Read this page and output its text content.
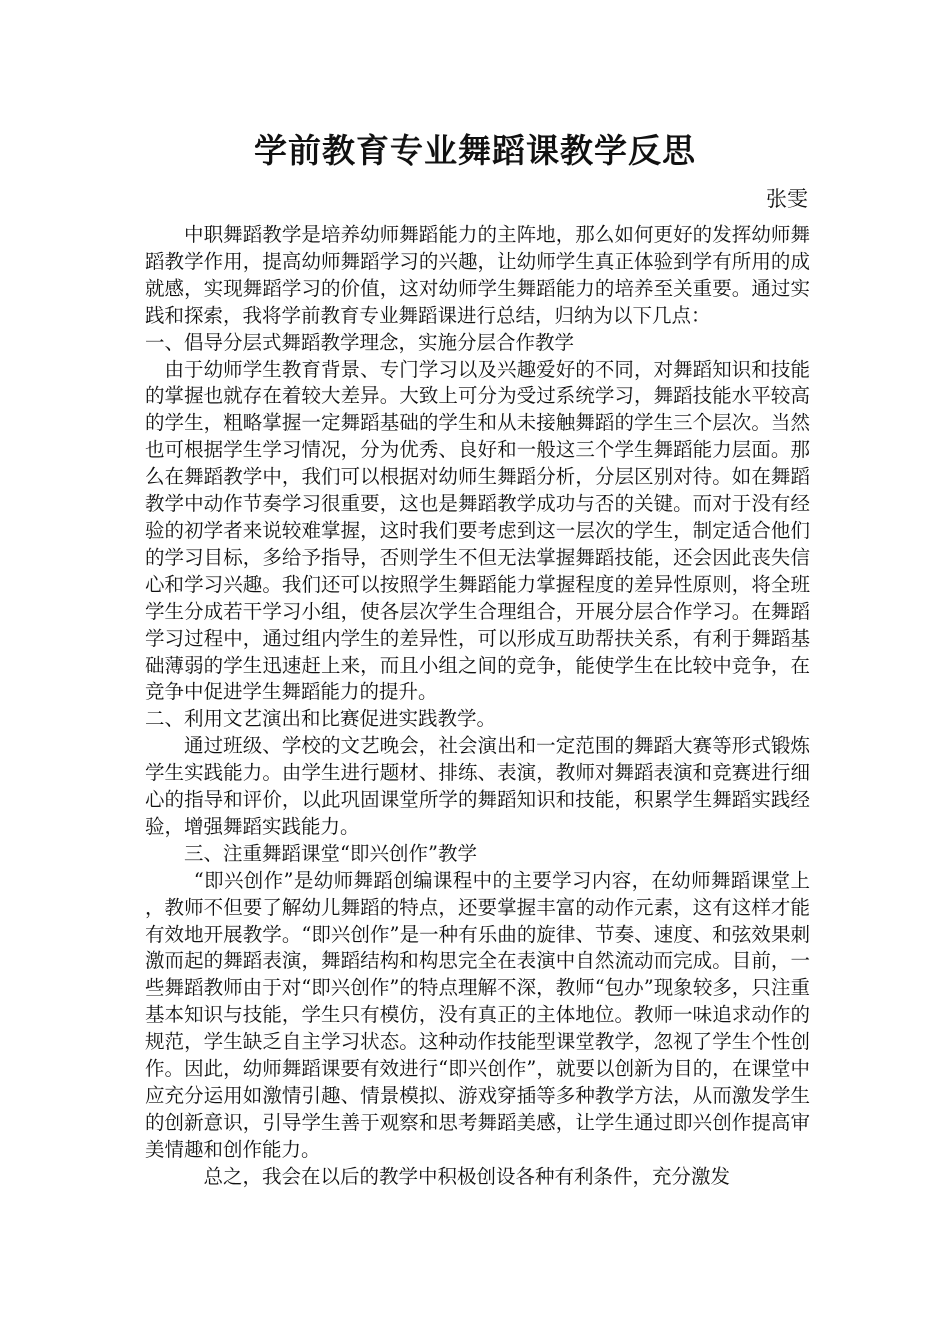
学前教育专业舞蹈课教学反思

张雯

中职舞蹈教学是培养幼师舞蹈能力的主阵地，那么如何更好的发挥幼师舞蹈教学作用，提高幼师舞蹈学习的兴趣，让幼师学生真正体验到学有所用的成就感，实现舞蹈学习的价值，这对幼师学生舞蹈能力的培养至关重要。通过实践和探索，我将学前教育专业舞蹈课进行总结，归纳为以下几点：

一、倡导分层式舞蹈教学理念，实施分层合作教学

由于幼师学生教育背景、专门学习以及兴趣爱好的不同，对舞蹈知识和技能的掌握也就存在着较大差异。大致上可分为受过系统学习，舞蹈技能水平较高的学生，粗略掌握一定舞蹈基础的学生和从未接触舞蹈的学生三个层次。当然也可根据学生学习情况，分为优秀、良好和一般这三个学生舞蹈能力层面。那么在舞蹈教学中，我们可以根据对幼师生舞蹈分析，分层区别对待。如在舞蹈教学中动作节奏学习很重要，这也是舞蹈教学成功与否的关键。而对于没有经验的初学者来说较难掌握，这时我们要考虑到这一层次的学生，制定适合他们的学习目标，多给予指导，否则学生不但无法掌握舞蹈技能，还会因此丧失信心和学习兴趣。我们还可以按照学生舞蹈能力掌握程度的差异性原则，将全班学生分成若干学习小组，使各层次学生合理组合，开展分层合作学习。在舞蹈学习过程中，通过组内学生的差异性，可以形成互助帮扶关系，有利于舞蹈基础薄弱的学生迅速赶上来，而且小组之间的竞争，能使学生在比较中竞争，在竞争中促进学生舞蹈能力的提升。

二、利用文艺演出和比赛促进实践教学。

通过班级、学校的文艺晚会，社会演出和一定范围的舞蹈大赛等形式锻炼学生实践能力。由学生进行题材、排练、表演，教师对舞蹈表演和竞赛进行细心的指导和评价，以此巩固课堂所学的舞蹈知识和技能，积累学生舞蹈实践经验，增强舞蹈实践能力。

三、注重舞蹈课堂“即兴创作”教学

“即兴创作”是幼师舞蹈创编课程中的主要学习内容，在幼师舞蹈课堂上，教师不但要了解幼儿舞蹈的特点，还要掌握丰富的动作元素，这有这样才能有效地开展教学。“即兴创作”是一种有乐曲的旋律、节奏、速度、和弦效果刺激而起的舞蹈表演，舞蹈结构和构思完全在表演中自然流动而完成。目前，一些舞蹈教师由于对“即兴创作”的特点理解不深，教师“包办”现象较多，只注重基本知识与技能，学生只有模仿，没有真正的主体地位。教师一味追求动作的规范，学生缺乏自主学习状态。这种动作技能型课堂教学，忽视了学生个性创作。因此，幼师舞蹈课要有效进行“即兴创作”，就要以创新为目的，在课堂中应充分运用如激情引趣、情景模拟、游戏穿插等多种教学方法，从而激发学生的创新意识，引导学生善于观察和思考舞蹈美感，让学生通过即兴创作提高审美情趣和创作能力。

总之，我会在以后的教学中积极创设各种有利条件，充分激发
